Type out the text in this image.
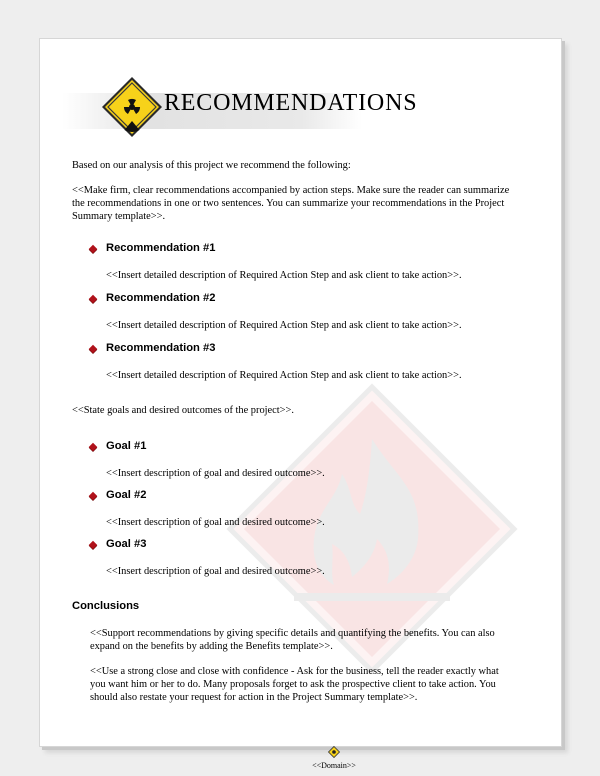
RECOMMENDATIONS
Based on our analysis of this project we recommend the following:
<<Make firm, clear recommendations accompanied by action steps. Make sure the reader can summarize
the recommendations in one or two sentences. You can summarize your recommendations in the Project
Summary template>>.
Recommendation #1
<<Insert detailed description of Required Action Step and ask client to take action>>.
Recommendation #2
<<Insert detailed description of Required Action Step and ask client to take action>>.
Recommendation #3
<<Insert detailed description of Required Action Step and ask client to take action>>.
<<State goals and desired outcomes of the project>>.
Goal #1
<<Insert description of goal and desired outcome>>.
Goal #2
<<Insert description of goal and desired outcome>>.
Goal #3
<<Insert description of goal and desired outcome>>.
Conclusions
<<Support recommendations by giving specific details and quantifying the benefits. You can also
expand on the benefits by adding the Benefits template>>.
<<Use a strong close and close with confidence - Ask for the business, tell the reader exactly what
you want him or her to do. Many proposals forget to ask the prospective client to take action. You
should also restate your request for action in the Project Summary template>>.
<<Domain>>
